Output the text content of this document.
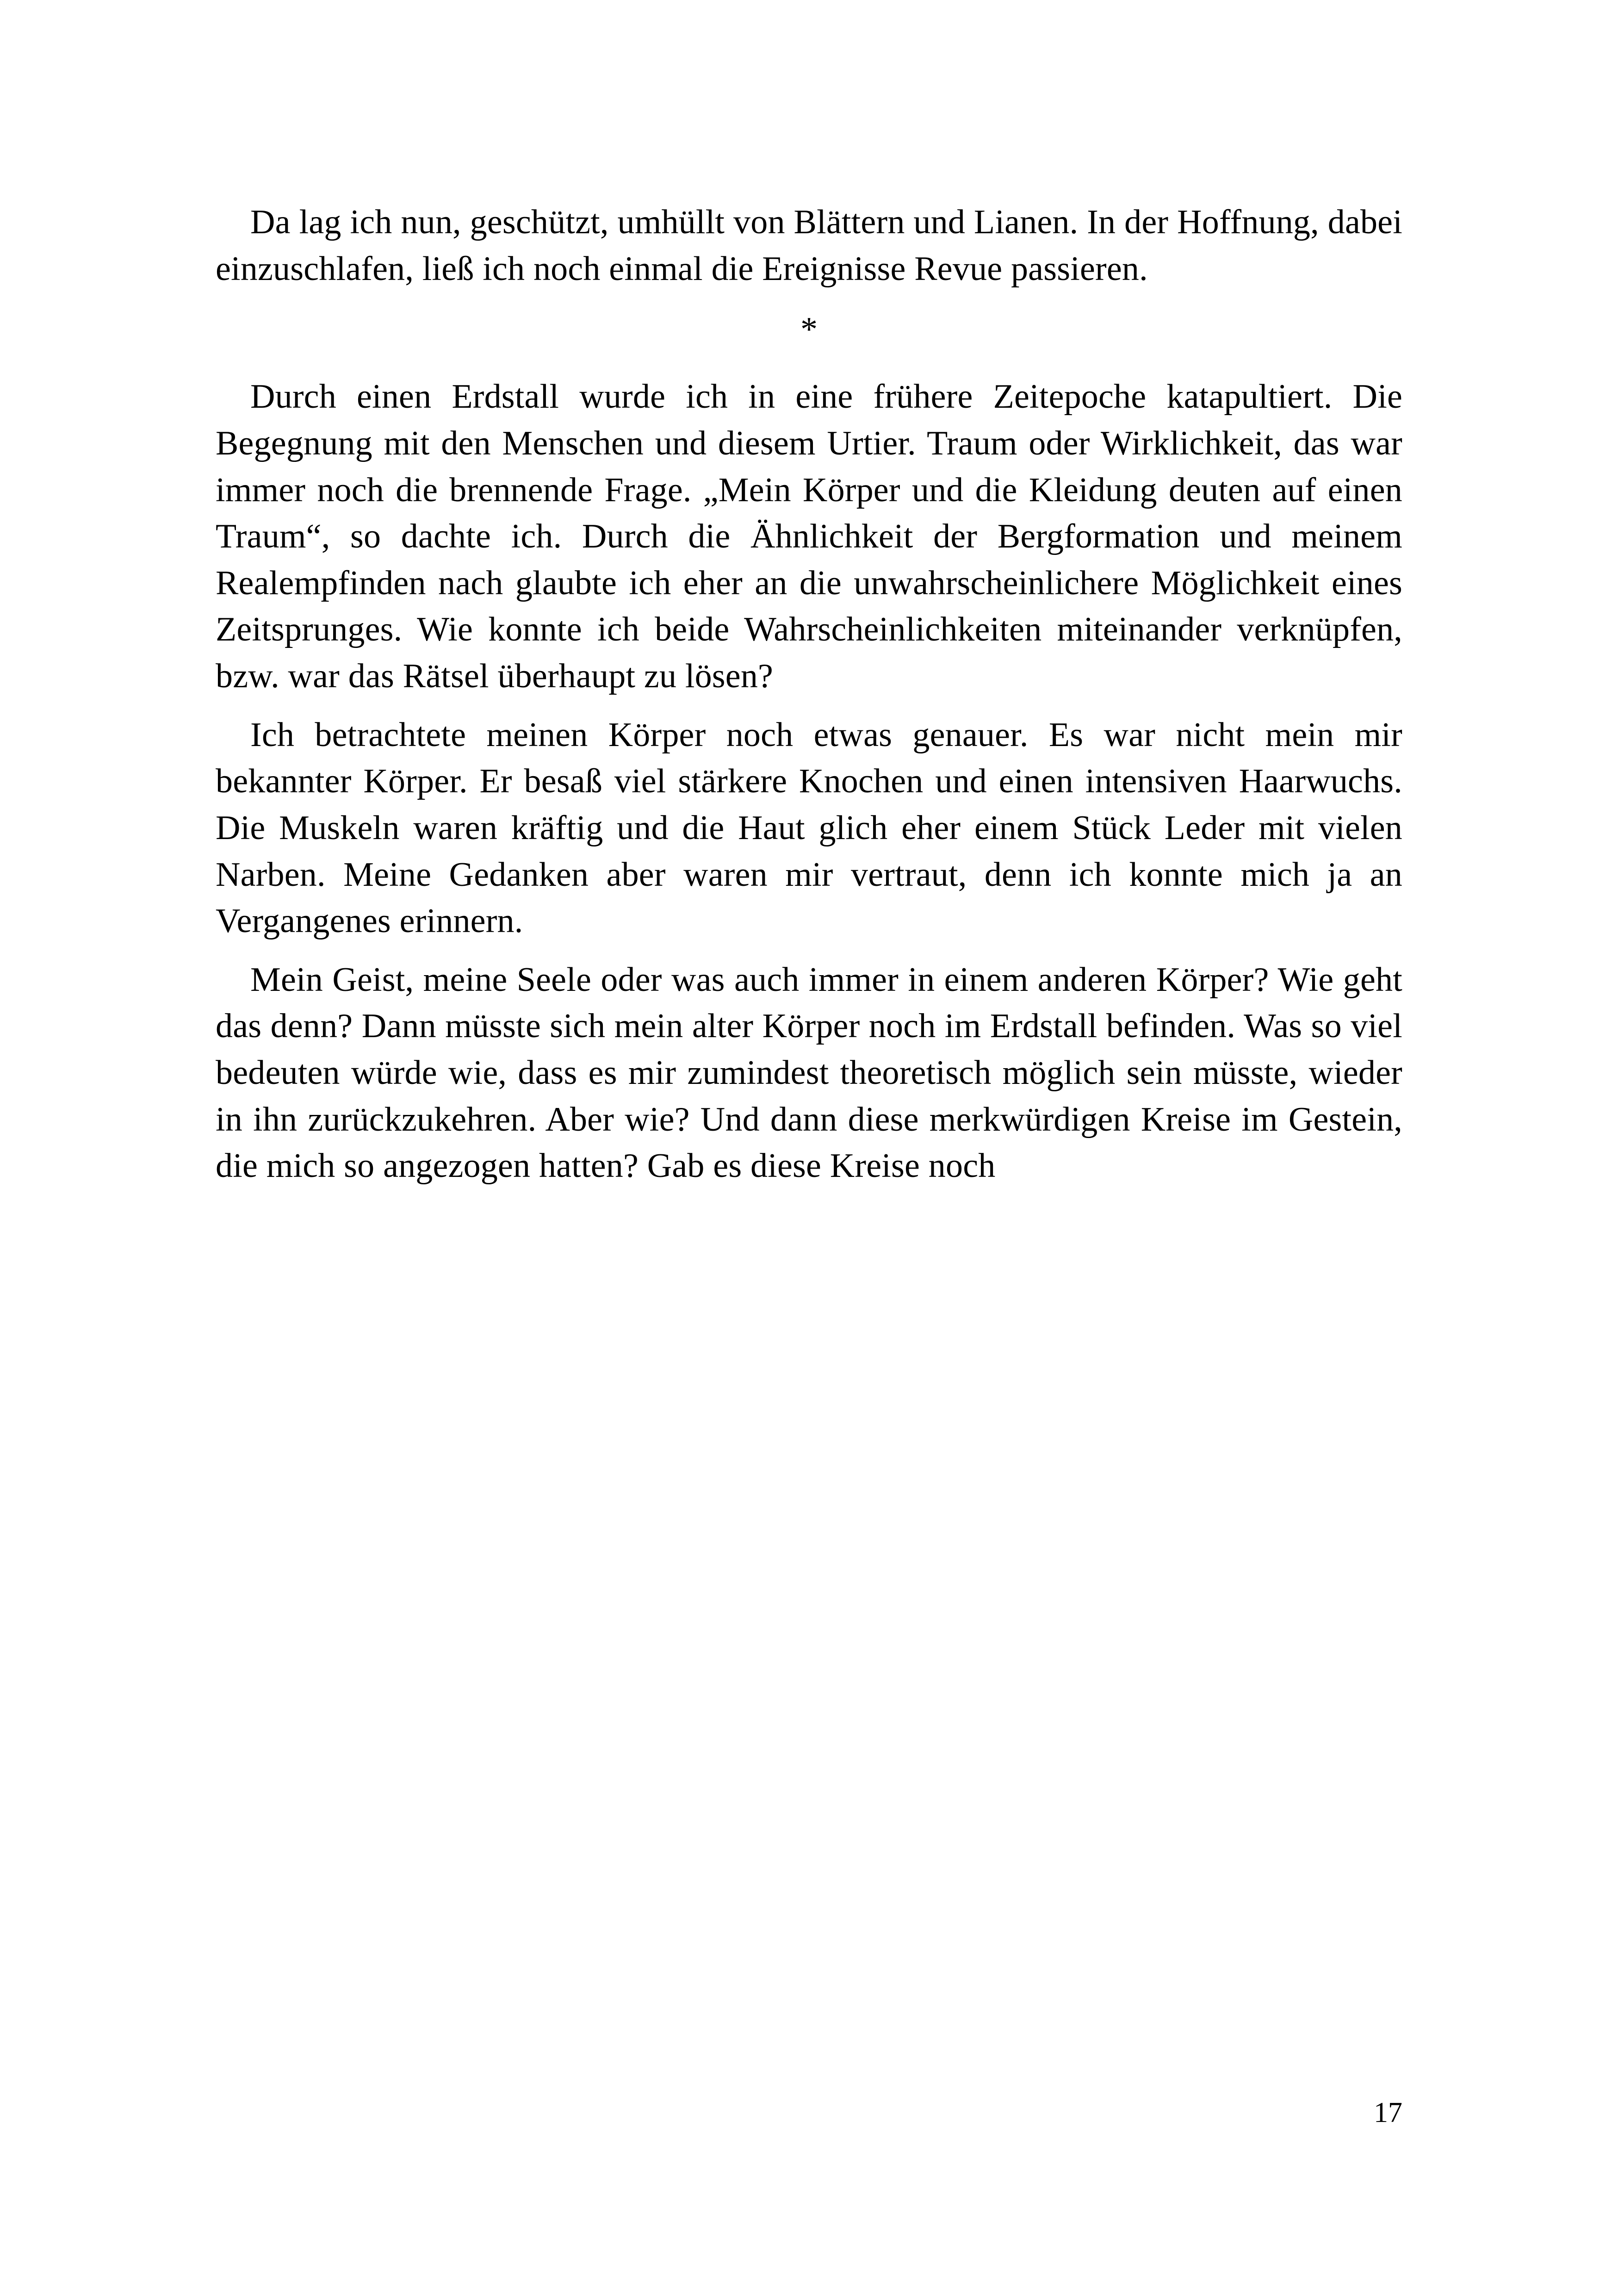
Da lag ich nun, geschützt, umhüllt von Blättern und Lianen. In der Hoffnung, dabei einzuschlafen, ließ ich noch einmal die Ereignisse Revue passieren.

*

Durch einen Erdstall wurde ich in eine frühere Zeitepoche katapultiert. Die Begegnung mit den Menschen und diesem Urtier. Traum oder Wirklichkeit, das war immer noch die brennende Frage. „Mein Körper und die Kleidung deuten auf einen Traum“, so dachte ich. Durch die Ähnlichkeit der Bergformation und meinem Realempfinden nach glaubte ich eher an die unwahrscheinlichere Möglichkeit eines Zeitsprunges. Wie konnte ich beide Wahrscheinlichkeiten miteinander verknüpfen, bzw. war das Rätsel überhaupt zu lösen?

Ich betrachtete meinen Körper noch etwas genauer. Es war nicht mein mir bekannter Körper. Er besaß viel stärkere Knochen und einen intensiven Haarwuchs. Die Muskeln waren kräftig und die Haut glich eher einem Stück Leder mit vielen Narben. Meine Gedanken aber waren mir vertraut, denn ich konnte mich ja an Vergangenes erinnern.

Mein Geist, meine Seele oder was auch immer in einem anderen Körper? Wie geht das denn? Dann müsste sich mein alter Körper noch im Erdstall befinden. Was so viel bedeuten würde wie, dass es mir zumindest theoretisch möglich sein müsste, wieder in ihn zurückzukehren. Aber wie? Und dann diese merkwürdigen Kreise im Gestein, die mich so angezogen hatten? Gab es diese Kreise noch

17
